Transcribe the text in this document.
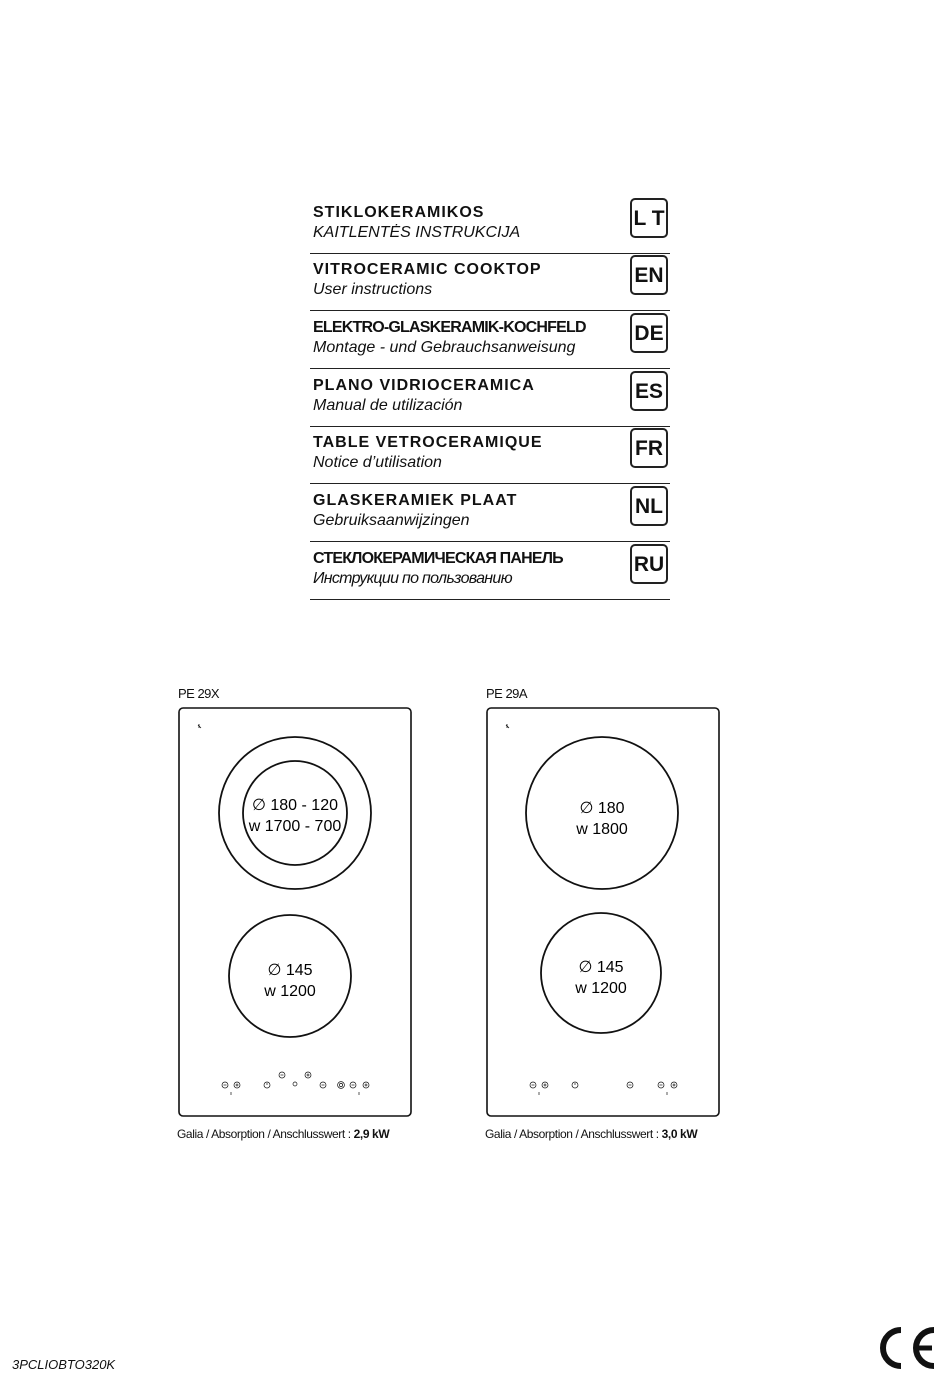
STIKLOKERAMIKOS
KAITLENTĖS INSTRUKCIJA
L T
VITROCERAMIC COOKTOP
User instructions
EN
ELEKTRO-GLASKERAMIK-KOCHFELD
Montage - und Gebrauchsanweisung
DE
PLANO VIDRIOCERAMICA
Manual de utilización
ES
TABLE VETROCERAMIQUE
Notice d’utilisation
FR
GLASKERAMIEK PLAAT
Gebruiksaanwijzingen
NL
СТЕКЛОКЕРАМИЧЕСКАЯ ПАНЕЛЬ
Инструкции по пользованию
RU
PE 29X
∅ 180 - 120
w 1700 - 700
∅ 145
w 1200
Galia / Absorption / Anschlusswert : 2,9 kW
PE 29A
∅ 180
w 1800
∅ 145
w 1200
Galia / Absorption / Anschlusswert : 3,0 kW
3PCLIOBTO320K
